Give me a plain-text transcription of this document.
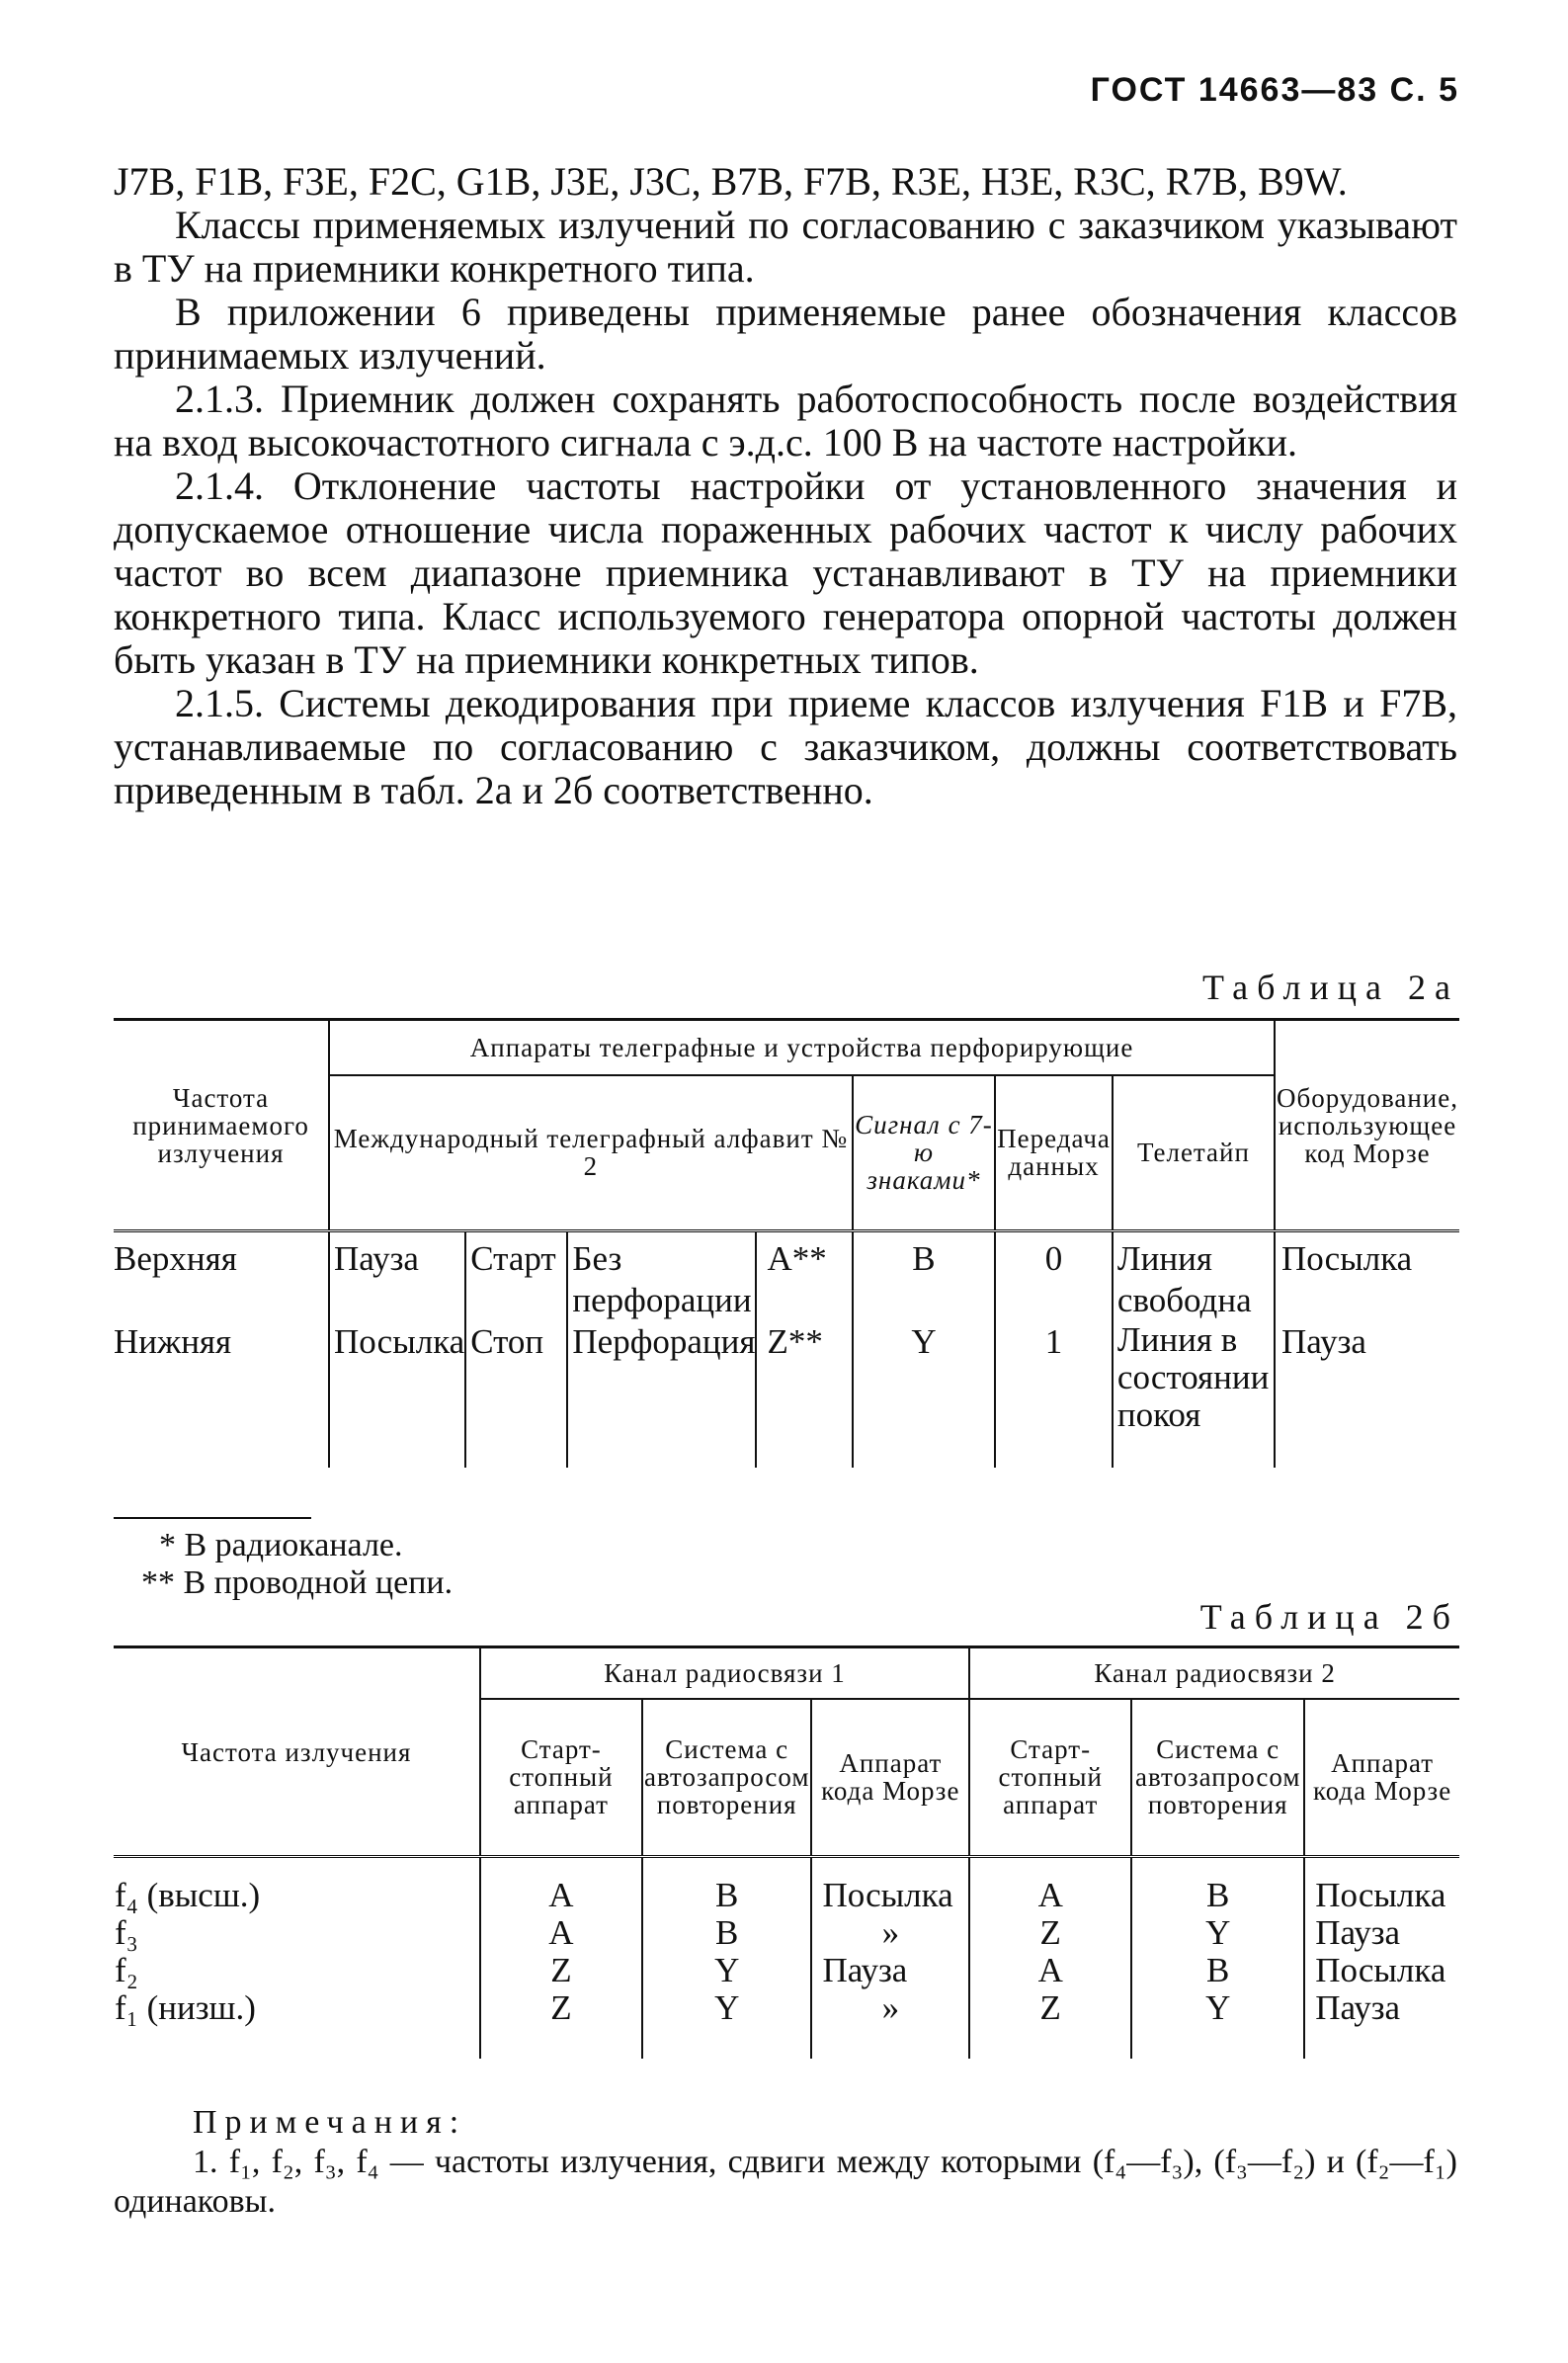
ГОСТ 14663—83 С. 5

J7B, F1B, F3E, F2C, G1B, J3E, J3C, B7B, F7B, R3E, H3E, R3C, R7B, B9W.

Классы применяемых излучений по согласованию с заказчиком указывают в ТУ на приемники конкретного типа.

В приложении 6 приведены применяемые ранее обозначения классов принимаемых излучений.

2.1.3. Приемник должен сохранять работоспособность после воздействия на вход высокочастотного сигнала с э.д.с. 100 В на частоте настройки.

2.1.4. Отклонение частоты настройки от установленного значения и допускаемое отношение числа пораженных рабочих частот к числу рабочих частот во всем диапазоне приемника устанавливают в ТУ на приемники конкретного типа. Класс используемого генератора опорной частоты должен быть указан в ТУ на приемники конкретных типов.

2.1.5. Системы декодирования при приеме классов излучения F1B и F7B, устанавливаемые по согласованию с заказчиком, должны соответствовать приведенным в табл. 2а и 2б соответственно.

Таблица 2а
Частота принимаемого излучения	Аппараты телеграфные и устройства перфорирующие							Оборудование, использующее код Морзе
	Международный телеграфный алфавит № 2				Сигнал с 7-ю знаками*	Передача данных	Телетайп	
Верхняя	Пауза	Старт	Без перфорации	A**	B	0	Линия свободна	Посылка
Нижняя	Посылка	Стоп	Перфорация	Z**	Y	1	Линия в состоянии покоя	Пауза
* В радиоканале.
** В проводной цепи.
Таблица 2б
Частота излучения	Канал радиосвязи 1			Канал радиосвязи 2		
	Старт-стопный аппарат	Система с автозапросом повторения	Аппарат кода Морзе	Старт-стопный аппарат	Система с автозапросом повторения	Аппарат кода Морзе
f₄ (высш.)	A	B	Посылка	A	B	Посылка
f₃	A	B	»	Z	Y	Пауза
f₂	Z	Y	Пауза	A	B	Посылка
f₁ (низш.)	Z	Y	»	Z	Y	Пауза
Примечания:
1. f₁, f₂, f₃, f₄ — частоты излучения, сдвиги между которыми (f₄—f₃), (f₃—f₂) и (f₂—f₁) одинаковы.
